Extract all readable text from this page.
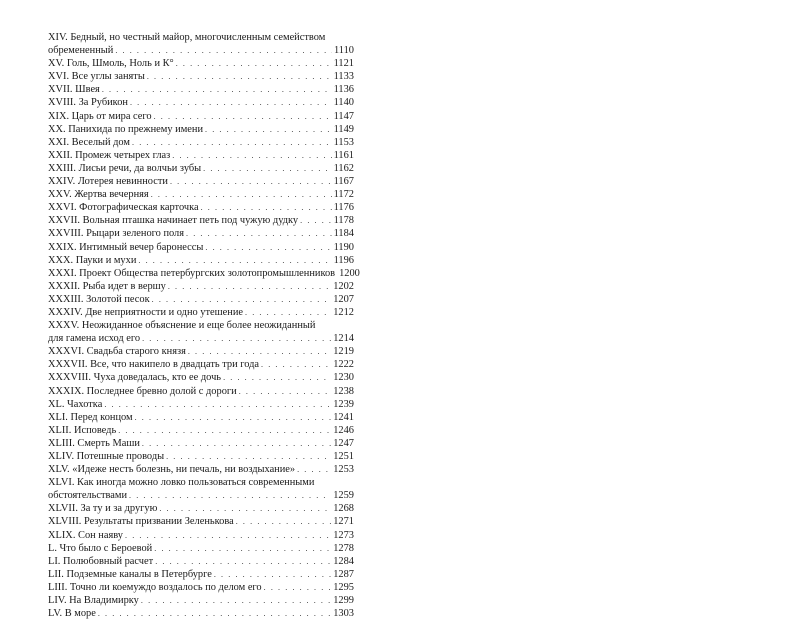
XIV. Бедный, но честный майор, многочисленным семейством
обремененный . . .	1110
XV. Голь, Шмоль, Ноль и К° . . .	1121
XVI. Все углы заняты . . .	1133
XVII. Швея . . .	1136
XVIII. За Рубикон . . .	1140
XIX. Царь от мира сего . . .	1147
XX. Панихида по прежнему имени . . .	1149
XXI. Веселый дом . . .	1153
XXII. Промеж четырех глаз . . .	1161
XXIII. Лисьи речи, да волчьи зубы . . .	1162
XXIV. Лотерея невинности . . .	1167
XXV. Жертва вечерняя . . .	1172
XXVI. Фотографическая карточка . . .	1176
XXVII. Вольная пташка начинает петь под чужую дудку . . .	1178
XXVIII. Рыцари зеленого поля . . .	1184
XXIX. Интимный вечер баронессы . . .	1190
XXX. Пауки и мухи . . .	1196
XXXI. Проект Общества петербургских золотопромышленников 1200
XXXII. Рыба идет в вершу . . .	1202
XXXIII. Золотой песок . . .	1207
XXXIV. Две неприятности и одно утешение . . .	1212
XXXV. Неожиданное объяснение и еще более неожиданный
для гамена исход его . . .	1214
XXXVI. Свадьба старого князя . . .	1219
XXXVII. Все, что накипело в двадцать три года . . .	1222
XXXVIII. Чуха доведалась, кто ее дочь . . .	1230
XXXIX. Последнее бревно долой с дороги . . .	1238
XL. Чахотка . . .	1239
XLI. Перед концом . . .	1241
XLII. Исповедь . . .	1246
XLIII. Смерть Маши . . .	1247
XLIV. Потешные проводы . . .	1251
XLV. «Идеже несть болезнь, ни печаль, ни воздыхание» . . .	1253
XLVI. Как иногда можно ловко пользоваться современными
обстоятельствами . . .	1259
XLVII. За ту и за другую . . .	1268
XLVIII. Результаты призвании Зеленькова . . .	1271
XLIX. Сон наяву . . .	1273
L. Что было с Бероевой . . .	1278
LI. Полюбовный расчет . . .	1284
LII. Подземные каналы в Петербурге . . .	1287
LIII. Точно ли коемуждо воздалось по делом его . . .	1295
LIV. На Владимирку . . .	1299
LV. В море . . .	1303
